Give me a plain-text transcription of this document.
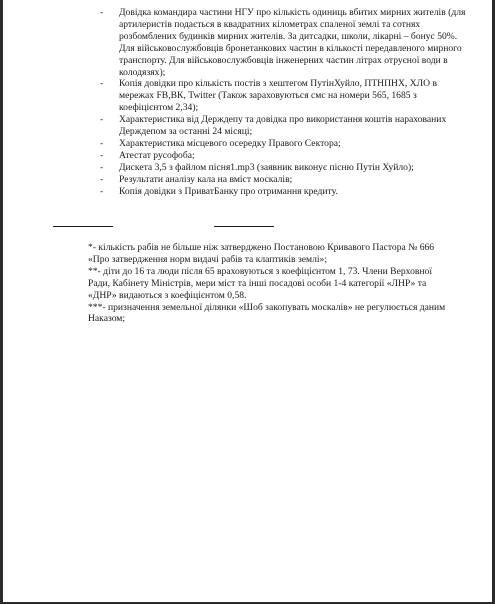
- Довідка командира частини НГУ про кількість одиниць вбитих мирних жителів (для артилеристів подається в квадратних кілометрах спаленої землі та сотнях розбомблених будинків мирних жителів. За дитсадки, школи, лікарні – бонус 50%. Для військовослужбовців бронетанкових частин в кількості передавленого мирного транспорту. Для військовослужбовців інженерних частин літрах отруєної води в колодязях);
- Копія довідки про кількість постів з хештегом ПутінХуйло, ПТНПНХ, ХЛО в мережах FB,ВК, Twitter (Також зараховуються смс на номери 565, 1685 з коефіцієнтом 2,34);
- Характеристика від Держдепу та довідка про використання коштів нарахованих Держдепом за останні 24 місяці;
- Характеристика місцевого осередку Правого Сектора;
- Атестат русофоба;
- Дискета 3,5 з файлом пісня1.mp3 (заявник виконує пісню Путін Хуйло);
- Результати аналізу кала на вміст москалів;
- Копія довідки з ПриватБанку про отримання кредиту.

*- кількість рабів не більше ніж затверджено Постановою Кривавого Пастора № 666 «Про затвердження норм видачі рабів та клаптиків землі»;

**- діти до 16 та люди після 65 враховуються з коефіцієнтом 1, 73. Члени Верховної Ради, Кабінету Міністрів, мери міст та інші посадові особи 1-4 категорії «ЛНР» та «ДНР» видаються з коефіцієнтом 0,58.

***- призначення земельної ділянки «Шоб закопувать москалів» не регулюється даним Наказом;
